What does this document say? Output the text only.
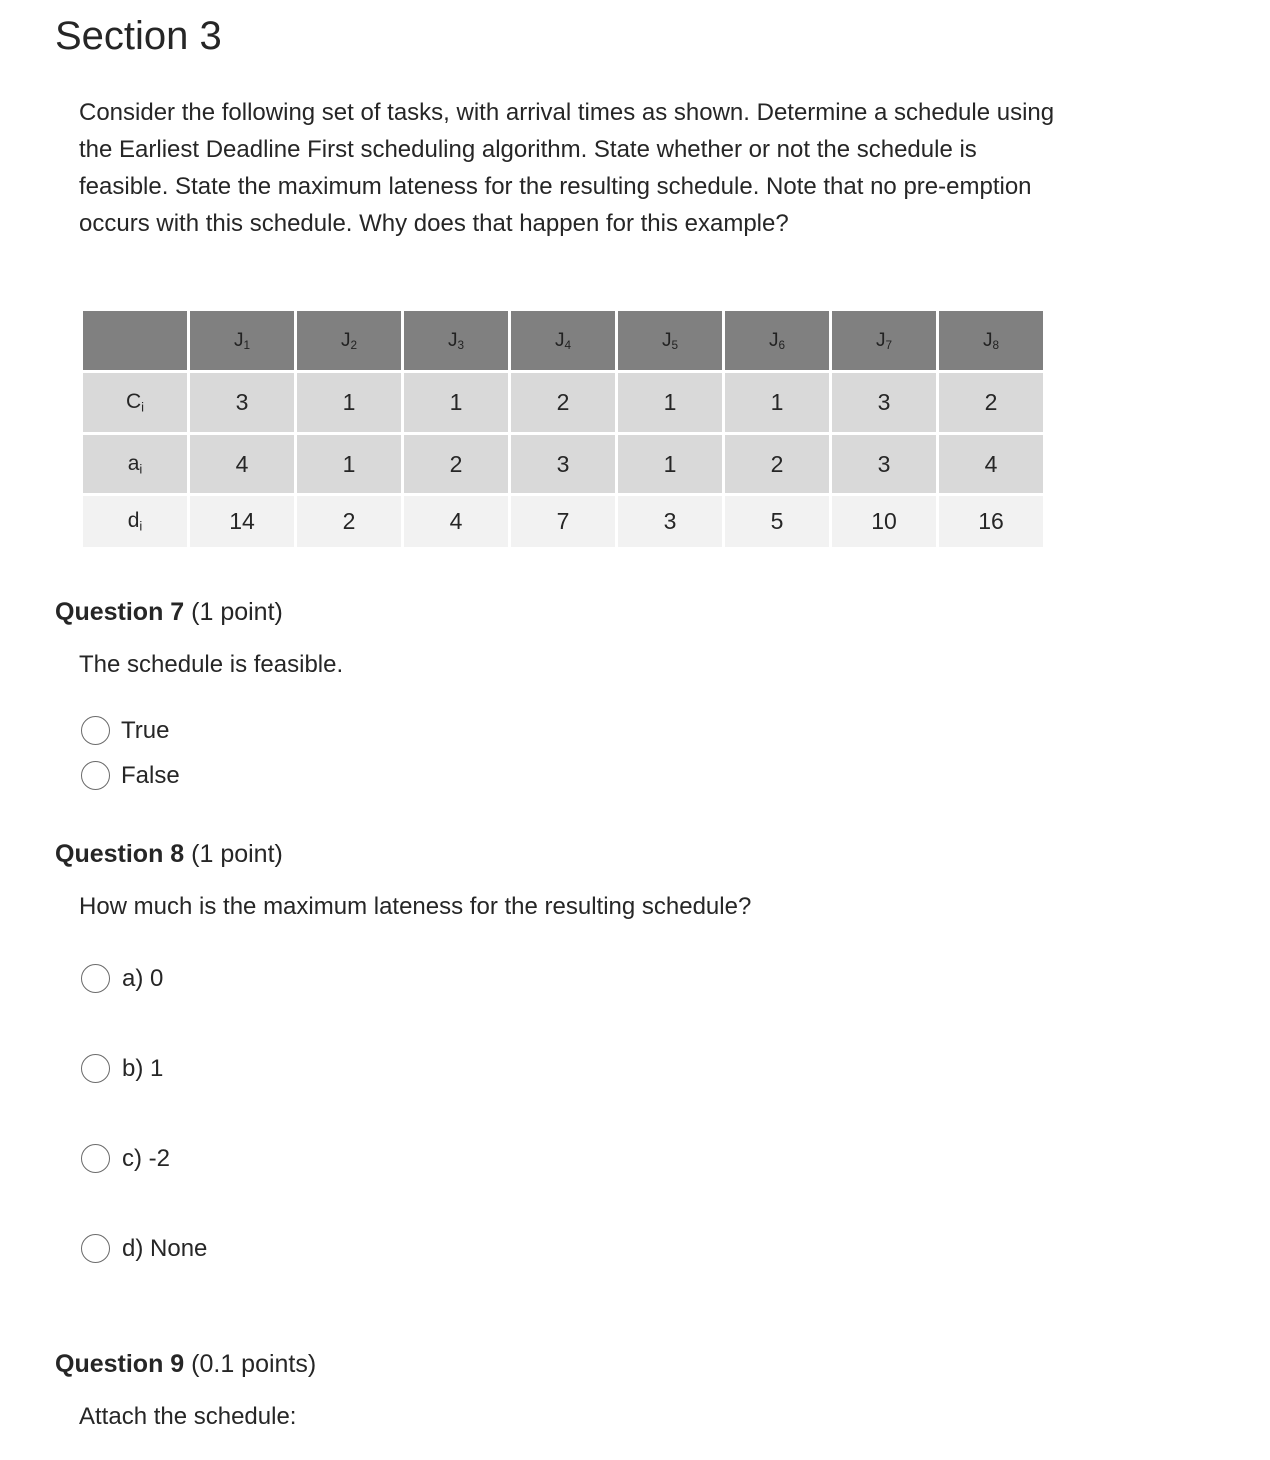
Section 3

Consider the following set of tasks, with arrival times as shown. Determine a schedule using the Earliest Deadline First scheduling algorithm. State whether or not the schedule is feasible. State the maximum lateness for the resulting schedule. Note that no pre-emption occurs with this schedule. Why does that happen for this example?

	$J_1$	$J_2$	$J_3$	$J_4$	$J_5$	$J_6$	$J_7$	$J_8$
$C_i$	3	1	1	2	1	1	3	2
$a_i$	4	1	2	3	1	2	3	4
$d_i$	14	2	4	7	3	5	10	16
Question 7 (1 point)

The schedule is feasible.

True
False
Question 8 (1 point)

How much is the maximum lateness for the resulting schedule?

a) 0
b) 1
c) -2
d) None
Question 9 (0.1 points)

Attach the schedule:
